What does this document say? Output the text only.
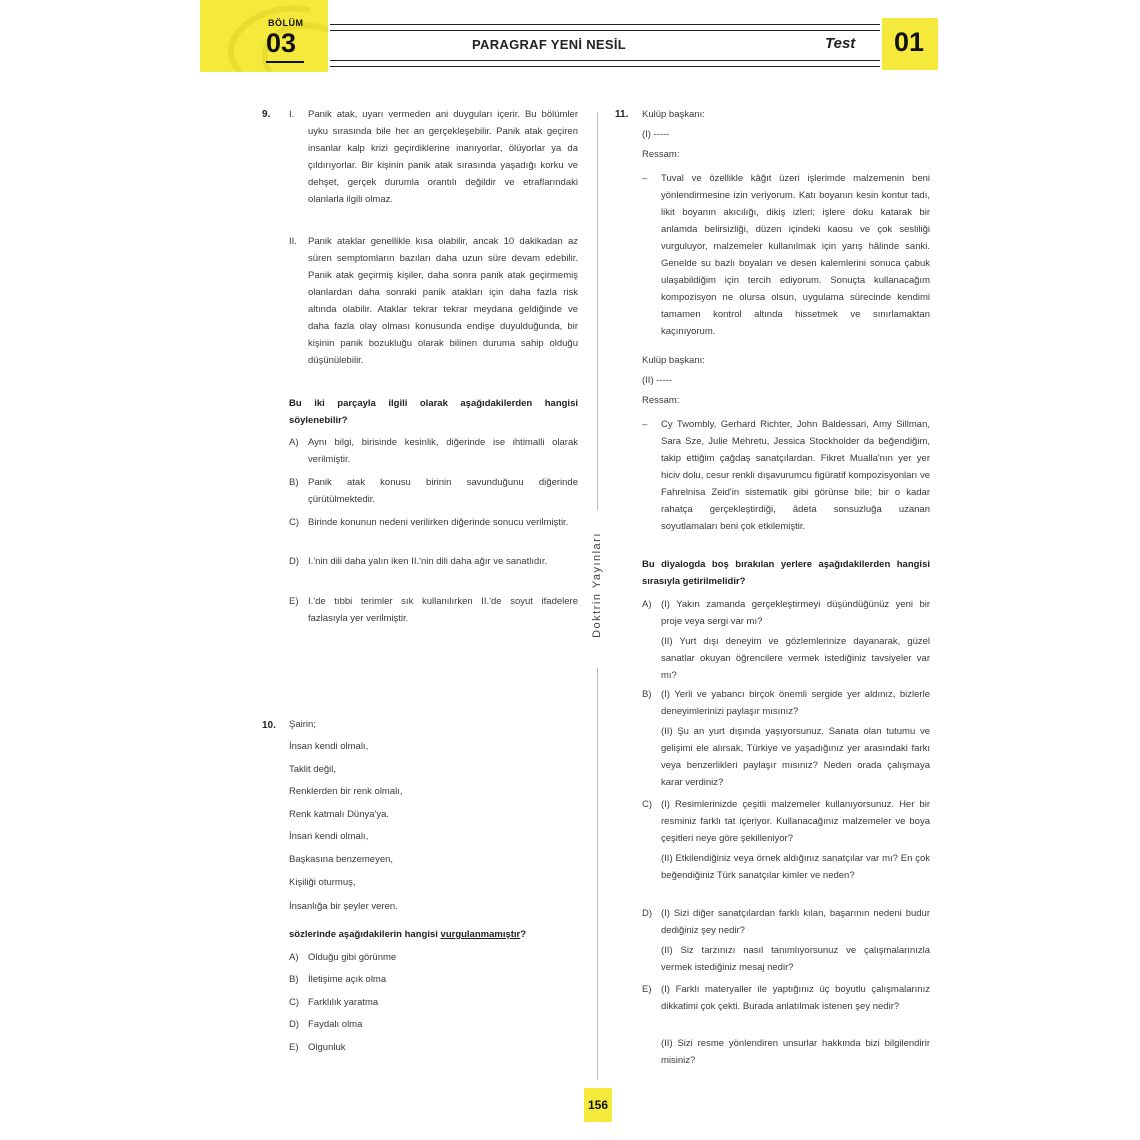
BÖLÜM
03	PARAGRAF YENİ NESİL	Test 01
Doktrin Yayınları
156
9. I.	Panik atak, uyarı vermeden ani duyguları içerir. Bu bölümler uyku sırasında bile her an gerçekleşebilir. Panik atak geçiren insanlar kalp krizi geçirdiklerine inanıyorlar, ölüyorlar ya da çıldırıyorlar. Bir kişinin panik atak sırasında yaşadığı korku ve dehşet, gerçek durumla orantılı değildir ve etraflarındaki olanlarla ilgili olmaz.

II.	Panik ataklar genellikle kısa olabilir, ancak 10 dakikadan az süren semptomların bazıları daha uzun süre devam edebilir. Panik atak geçirmiş kişiler, daha sonra panik atak geçirmemiş olanlardan daha sonraki panik atakları için daha fazla risk altında olabilir. Ataklar tekrar tekrar meydana geldiğinde ve daha fazla olay olması konusunda endişe duyulduğunda, bir kişinin panik bozukluğu olarak bilinen duruma sahip olduğu düşünülebilir.

Bu iki parçayla ilgili olarak aşağıdakilerden hangisi söylenebilir?

A)	Aynı bilgi, birisinde kesinlik, diğerinde ise ihtimalli olarak verilmiştir.

B)	Panik atak konusu birinin savunduğunu diğerinde çürütülmektedir.

C) Birinde konunun nedeni verilirken diğerinde sonucu verilmiştir.

D) I.'nin dili daha yalın iken II.'nin dili daha ağır ve sanatlıdır.

E)	I.'de tıbbi terimler sık kullanılırken II.'de soyut ifadelere fazlasıyla yer verilmiştir.

10. Şairin;
İnsan kendi olmalı,
Taklit değil,
Renklerden bir renk olmalı,
Renk katmalı Dünya'ya.
İnsan kendi olmalı,
Başkasına benzemeyen,
Kişiliği oturmuş,
İnsanlığa bir şeyler veren.
sözlerinde aşağıdakilerin hangisi vurgulanmamıştır?
A)	Olduğu gibi görünme
B)	İletişime açık olma
C) Farklılık yaratma
D) Faydalı olma
E)	Olgunluk
11. Kulüp başkanı:
(I) -----
Ressam:
–	Tuval ve özellikle kâğıt üzeri işlerimde malzemenin beni yönlendirmesine izin veriyorum. Katı boyanın kesin kontur tadı, likit boyanın akıcılığı, dikiş izleri; işlere doku katarak bir anlamda belirsizliği, düzen içindeki kaosu ve çok sesliliği vurguluyor, malzemeler kullanılmak için yarış hâlinde sanki. Genelde su bazlı boyaları ve desen kalemlerini sonuca çabuk ulaşabildiğim için tercih ediyorum. Sonuçta kullanacağım kompozisyon ne olursa olsun, uygulama sürecinde kendimi tamamen kontrol altında hissetmek ve sınırlamaktan kaçınıyorum.

Kulüp başkanı:
(II) -----
Ressam:
–	Cy Twombly, Gerhard Richter, John Baldessari, Amy Sillman, Sara Sze, Julie Mehretu, Jessica Stockholder da beğendiğim, takip ettiğim çağdaş sanatçılardan. Fikret Mualla'nın yer yer hiciv dolu, cesur renkli dışavurumcu figüratif kompozisyonları ve Fahrelnisa Zeid'in sistematik gibi görünse bile; bir o kadar rahatça gerçekleştirdiği, âdeta sonsuzluğa uzanan soyutlamaları beni çok etkilemiştir.

Bu diyalogda boş bırakılan yerlere aşağıdakilerden hangisi sırasıyla getirilmelidir?

A)	(I) Yakın zamanda gerçekleştirmeyi düşündüğünüz yeni bir proje veya sergi var mı?

(II) Yurt dışı deneyim ve gözlemlerinize dayanarak, güzel sanatlar okuyan öğrencilere vermek istediğiniz tavsiyeler var mı?

B)	(I) Yerli ve yabancı birçok önemli sergide yer aldınız, bizlerle deneyimlerinizi paylaşır mısınız?

(II) Şu an yurt dışında yaşıyorsunuz. Sanata olan tutumu ve gelişimi ele alırsak, Türkiye ve yaşadığınız yer arasındaki farkı veya benzerlikleri paylaşır mısınız? Neden orada çalışmaya karar verdiniz?

C) (I) Resimlerinizde çeşitli malzemeler kullanıyorsunuz. Her bir resminiz farklı tat içeriyor. Kullanacağınız malzemeler ve boya çeşitleri neye göre şekilleniyor?

(II) Etkilendiğiniz veya örnek aldığınız sanatçılar var mı? En çok beğendiğiniz Türk sanatçılar kimler ve neden?

D) (I) Sizi diğer sanatçılardan farklı kılan, başarının nedeni budur dediğiniz şey nedir?

(II) Siz tarzınızı nasıl tanımlıyorsunuz ve çalışmalarınızla vermek istediğiniz mesaj nedir?

E)	(I) Farklı materyaller ile yaptığınız üç boyutlu çalışmalarınız dikkatimi çok çekti. Burada anlatılmak istenen şey nedir?

(II) Sizi resme yönlendiren unsurlar hakkında bizi bilgilendirir misiniz?
